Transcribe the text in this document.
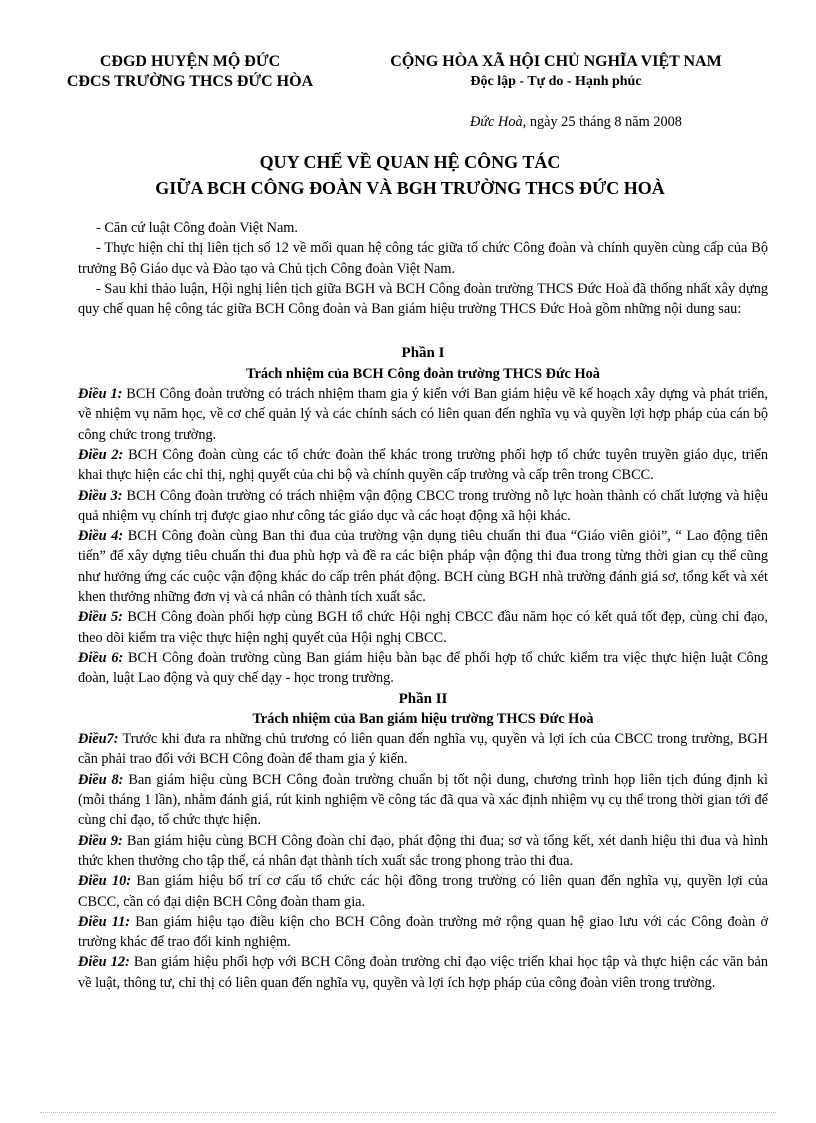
CĐGD HUYỆN MỘ ĐỨC
CĐCS TRƯỜNG THCS ĐỨC HÒA
CỘNG HÒA XÃ HỘI CHỦ NGHĨA VIỆT NAM
Độc lập - Tự do - Hạnh phúc
Đức Hoà, ngày 25 tháng 8 năm 2008
QUY CHẾ VỀ QUAN HỆ CÔNG TÁC
GIỮA BCH CÔNG ĐOÀN VÀ BGH TRƯỜNG THCS ĐỨC HOÀ

- Căn cứ luật Công đoàn Việt Nam.

- Thực hiện chỉ thị liên tịch số 12 về mối quan hệ công tác giữa tổ chức Công đoàn và chính quyền cùng cấp của Bộ trưởng Bộ Giáo dục và Đào tạo và Chủ tịch Công đoàn Việt Nam.

- Sau khi thảo luận, Hội nghị liên tịch giữa BGH và BCH Công đoàn trường THCS Đức Hoà đã thống nhất xây dựng quy chế quan hệ công tác giữa BCH Công đoàn và Ban giám hiệu trường THCS Đức Hoà gồm những nội dung sau:

Phần I

Trách nhiệm của BCH Công đoàn trường THCS Đức Hoà

Điều 1: BCH Công đoàn trường có trách nhiệm tham gia ý kiến với Ban giám hiệu về kế hoạch xây dựng và phát triển, về nhiệm vụ năm học, về cơ chế quản lý và các chính sách có liên quan đến nghĩa vụ và quyền lợi hợp pháp của cán bộ công chức trong trường.

Điều 2: BCH Công đoàn cùng các tổ chức đoàn thể khác trong trường phối hợp tổ chức tuyên truyền giáo dục, triển khai thực hiện các chỉ thị, nghị quyết của chi bộ và chính quyền cấp trường và cấp trên trong CBCC.

Điều 3: BCH Công đoàn trường có trách nhiệm vận động CBCC trong trường nỗ lực hoàn thành có chất lượng và hiệu quả nhiệm vụ chính trị được giao như công tác giáo dục và các hoạt động xã hội khác.

Điều 4: BCH Công đoàn cùng Ban thi đua của trường vận dụng tiêu chuẩn thi đua “Giáo viên giỏi”, “ Lao động tiên tiến” để xây dựng tiêu chuẩn thi đua phù hợp và đề ra các biện pháp vận động thi đua trong từng thời gian cụ thể cũng như hưởng ứng các cuộc vận động khác do cấp trên phát động. BCH cùng BGH nhà trường đánh giá sơ, tổng kết và xét khen thưởng những đơn vị và cá nhân có thành tích xuất sắc.

Điều 5: BCH Công đoàn phối hợp cùng BGH tổ chức Hội nghị CBCC đầu năm học có kết quả tốt đẹp, cùng chỉ đạo, theo dõi kiểm tra việc thực hiện nghị quyết của Hội nghị CBCC.

Điều 6: BCH Công đoàn trường cùng Ban giám hiệu bàn bạc để phối hợp tổ chức kiểm tra việc thực hiện luật Công đoàn, luật Lao động và quy chế dạy - học trong trường.

Phần II

Trách nhiệm của Ban giám hiệu trường THCS Đức Hoà

Điều7: Trước khi đưa ra những chủ trương có liên quan đến nghĩa vụ, quyền và lợi ích của CBCC trong trường, BGH cần phải trao đổi với BCH Công đoàn để tham gia ý kiến.

Điều 8: Ban giám hiệu cùng BCH Công đoàn trường chuẩn bị tốt nội dung, chương trình họp liên tịch đúng định kì (mỗi tháng 1 lần), nhằm đánh giá, rút kinh nghiệm về công tác đã qua và xác định nhiệm vụ cụ thể trong thời gian tới để cùng chỉ đạo, tổ chức thực hiện.

Điều 9: Ban giám hiệu cùng BCH Công đoàn chỉ đạo, phát động thi đua; sơ và tổng kết, xét danh hiệu thi đua và hình thức khen thưởng cho tập thể, cá nhân đạt thành tích xuất sắc trong phong trào thi đua.

Điều 10: Ban giám hiệu bố trí cơ cấu tổ chức các hội đồng trong trường có liên quan đến nghĩa vụ, quyền lợi của CBCC, cần có đại diện BCH Công đoàn tham gia.

Điều 11: Ban giám hiệu tạo điều kiện cho BCH Công đoàn trường mở rộng quan hệ giao lưu với các Công đoàn ở trường khác để trao đổi kinh nghiệm.

Điều 12: Ban giám hiệu phối hợp với BCH Công đoàn trường chỉ đạo việc triển khai học tập và thực hiện các văn bản về luật, thông tư, chỉ thị có liên quan đến nghĩa vụ, quyền và lợi ích hợp pháp của công đoàn viên trong trường.
